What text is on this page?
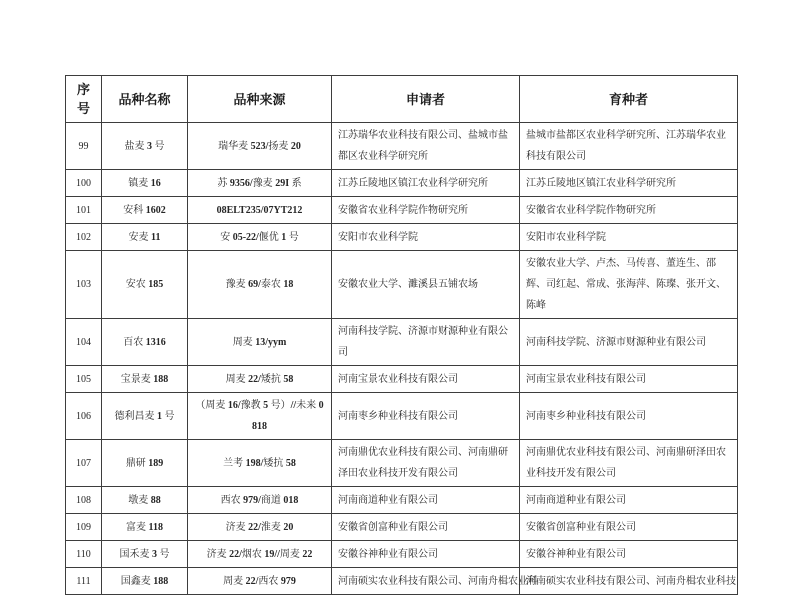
序号	品种名称	品种来源	申请者	育种者
99	盐麦 3 号	瑞华麦 523/扬麦 20	江苏瑞华农业科技有限公司、盐城市盐都区农业科学研究所	盐城市盐都区农业科学研究所、江苏瑞华农业科技有限公司
100	镇麦 16	苏 9356/豫麦 29I 系	江苏丘陵地区镇江农业科学研究所	江苏丘陵地区镇江农业科学研究所
101	安科 1602	08ELT235/07YT212	安徽省农业科学院作物研究所	安徽省农业科学院作物研究所
102	安麦 11	安 05-22/偃优 1 号	安阳市农业科学院	安阳市农业科学院
103	安农 185	豫麦 69/泰农 18	安徽农业大学、濉溪县五铺农场	安徽农业大学、卢杰、马传喜、董连生、邵辉、司红起、常成、张海萍、陈璨、张开文、陈峰
104	百农 1316	周麦 13/yym	河南科技学院、济源市财源种业有限公司	河南科技学院、济源市财源种业有限公司
105	宝景麦 188	周麦 22/矮抗 58	河南宝景农业科技有限公司	河南宝景农业科技有限公司
106	德利昌麦 1 号	（周麦 16/豫教 5 号）//未来 0818	河南枣乡种业科技有限公司	河南枣乡种业科技有限公司
107	鼎研 189	兰考 198/矮抗 58	河南鼎优农业科技有限公司、河南鼎研泽田农业科技开发有限公司	河南鼎优农业科技有限公司、河南鼎研泽田农业科技开发有限公司
108	墩麦 88	西农 979/商道 018	河南商道种业有限公司	河南商道种业有限公司
109	富麦 118	济麦 22/淮麦 20	安徽省创富种业有限公司	安徽省创富种业有限公司
110	国禾麦 3 号	济麦 22/烟农 19//周麦 22	安徽谷神种业有限公司	安徽谷神种业有限公司
111	国鑫麦 188	周麦 22/西农 979	河南硕实农业科技有限公司、河南舟楫农业科	河南硕实农业科技有限公司、河南舟楫农业科技
